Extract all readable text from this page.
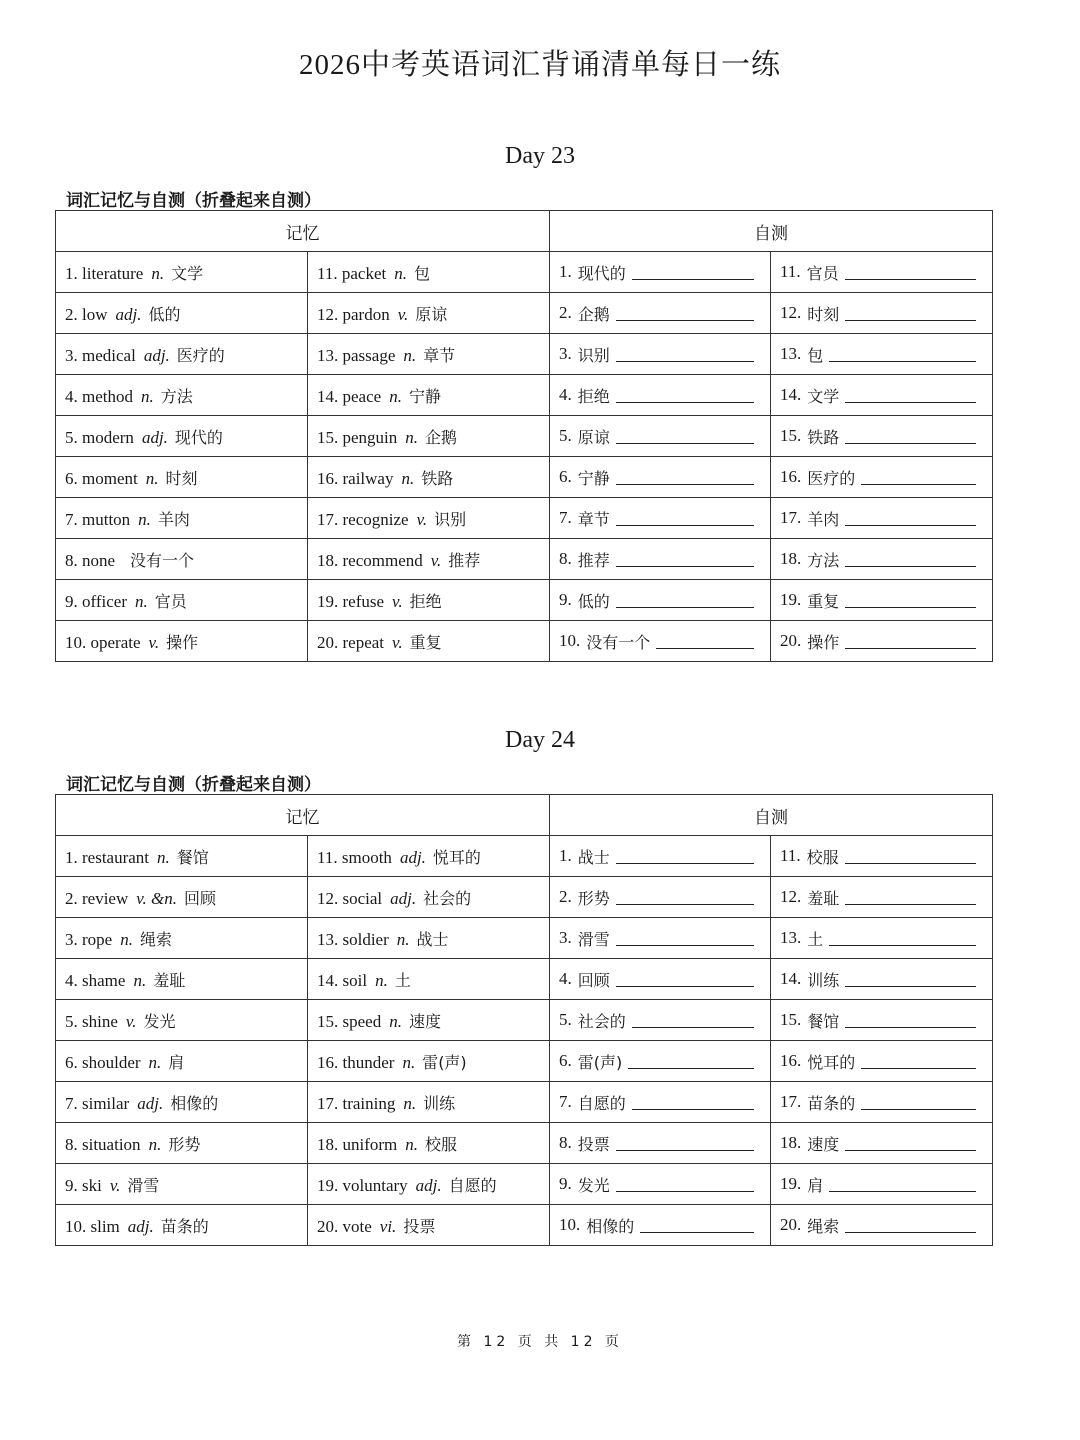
2026中考英语词汇背诵清单每日一练
Day 23
词汇记忆与自测（折叠起来自测）
记忆		自测	
1. literature n. 文学	11. packet n. 包	1. 现代的	11. 官员

2. low adj. 低的	12. pardon v. 原谅	2. 企鹅	12. 时刻

3. medical adj. 医疗的	13. passage n. 章节	3. 识别	13. 包

4. method n. 方法	14. peace n. 宁静	4. 拒绝	14. 文学

5. modern adj. 现代的	15. penguin n. 企鹅	5. 原谅	15. 铁路

6. moment n. 时刻	16. railway n. 铁路	6. 宁静	16. 医疗的

7. mutton n. 羊肉	17. recognize v. 识别	7. 章节	17. 羊肉

8. none 没有一个	18. recommend v. 推荐	8. 推荐	18. 方法

9. officer n. 官员	19. refuse v. 拒绝	9. 低的	19. 重复

10. operate v. 操作	20. repeat v. 重复	10. 没有一个	20. 操作
Day 24
词汇记忆与自测（折叠起来自测）
记忆		自测	
1. restaurant n. 餐馆	11. smooth adj. 悦耳的	1. 战士	11. 校服

2. review v. &n. 回顾	12. social adj. 社会的	2. 形势	12. 羞耻

3. rope n. 绳索	13. soldier n. 战士	3. 滑雪	13. 土

4. shame n. 羞耻	14. soil n. 土	4. 回顾	14. 训练

5. shine v. 发光	15. speed n. 速度	5. 社会的	15. 餐馆

6. shoulder n. 肩	16. thunder n. 雷(声)	6. 雷(声)	16. 悦耳的

7. similar adj. 相像的	17. training n. 训练	7. 自愿的	17. 苗条的

8. situation n. 形势	18. uniform n. 校服	8. 投票	18. 速度

9. ski v. 滑雪	19. voluntary adj. 自愿的	9. 发光	19. 肩

10. slim adj. 苗条的	20. vote vi. 投票	10. 相像的	20. 绳索
第 12 页 共 12 页
